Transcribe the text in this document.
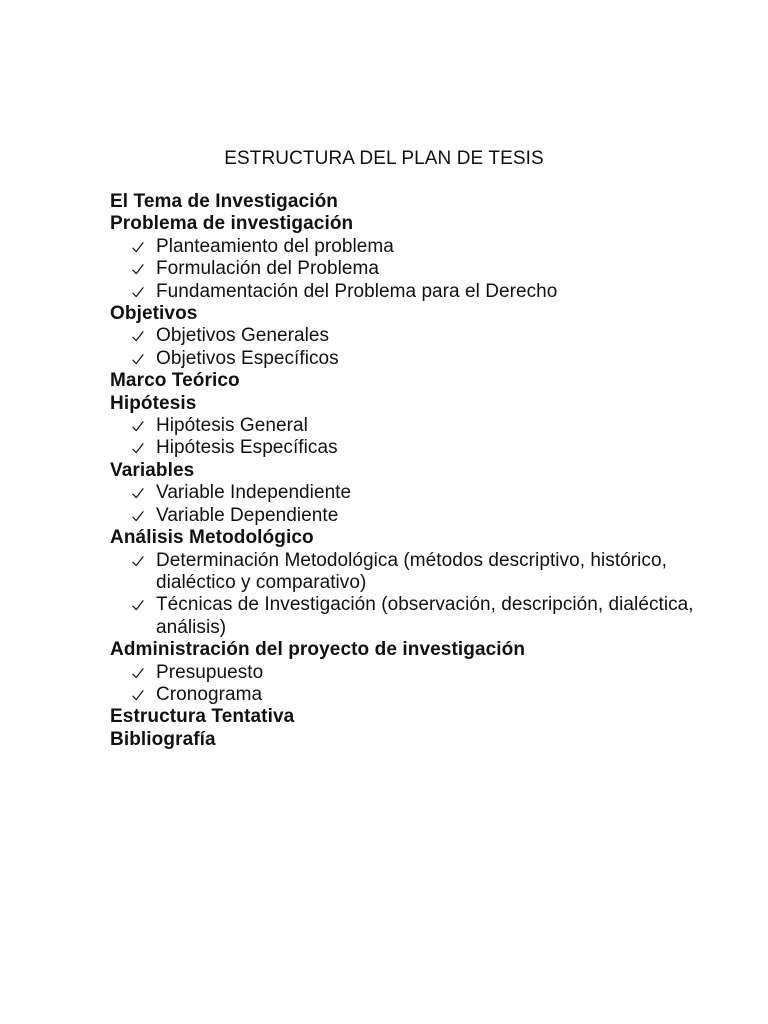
ESTRUCTURA DEL PLAN DE TESIS
El Tema de Investigación
Problema de investigación
Planteamiento del problema
Formulación del Problema
Fundamentación del Problema para el Derecho
Objetivos
Objetivos Generales
Objetivos Específicos
Marco Teórico
Hipótesis
Hipótesis General
Hipótesis Específicas
Variables
Variable Independiente
Variable Dependiente
Análisis Metodológico
Determinación Metodológica (métodos descriptivo, histórico, dialéctico y comparativo)
Técnicas de Investigación (observación, descripción, dialéctica, análisis)
Administración del proyecto de investigación
Presupuesto
Cronograma
Estructura Tentativa
Bibliografía
